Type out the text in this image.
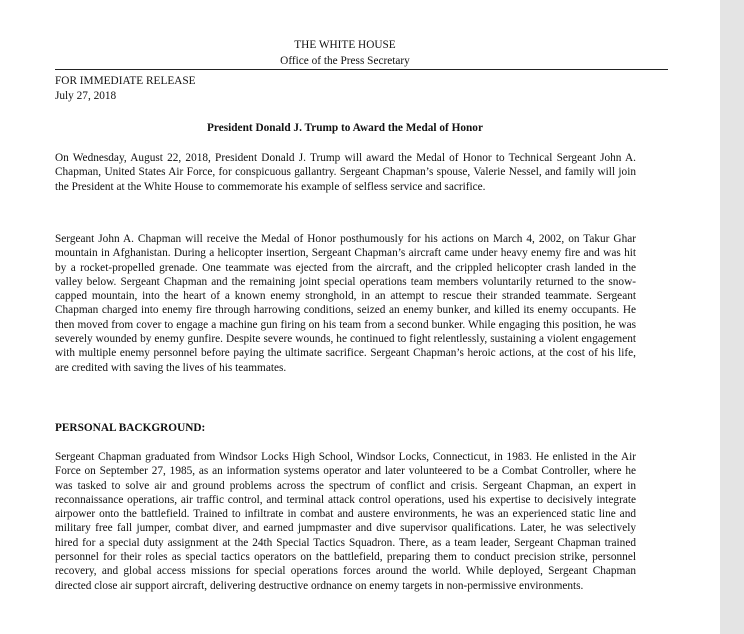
THE WHITE HOUSE
Office of the Press Secretary
FOR IMMEDIATE RELEASE
July 27, 2018
President Donald J. Trump to Award the Medal of Honor
On Wednesday, August 22, 2018, President Donald J. Trump will award the Medal of Honor to Technical Sergeant John A. Chapman, United States Air Force, for conspicuous gallantry. Sergeant Chapman’s spouse, Valerie Nessel, and family will join the President at the White House to commemorate his example of selfless service and sacrifice.
Sergeant John A. Chapman will receive the Medal of Honor posthumously for his actions on March 4, 2002, on Takur Ghar mountain in Afghanistan. During a helicopter insertion, Sergeant Chapman’s aircraft came under heavy enemy fire and was hit by a rocket-propelled grenade. One teammate was ejected from the aircraft, and the crippled helicopter crash landed in the valley below. Sergeant Chapman and the remaining joint special operations team members voluntarily returned to the snow-capped mountain, into the heart of a known enemy stronghold, in an attempt to rescue their stranded teammate. Sergeant Chapman charged into enemy fire through harrowing conditions, seized an enemy bunker, and killed its enemy occupants. He then moved from cover to engage a machine gun firing on his team from a second bunker. While engaging this position, he was severely wounded by enemy gunfire. Despite severe wounds, he continued to fight relentlessly, sustaining a violent engagement with multiple enemy personnel before paying the ultimate sacrifice. Sergeant Chapman’s heroic actions, at the cost of his life, are credited with saving the lives of his teammates.
PERSONAL BACKGROUND:
Sergeant Chapman graduated from Windsor Locks High School, Windsor Locks, Connecticut, in 1983. He enlisted in the Air Force on September 27, 1985, as an information systems operator and later volunteered to be a Combat Controller, where he was tasked to solve air and ground problems across the spectrum of conflict and crisis. Sergeant Chapman, an expert in reconnaissance operations, air traffic control, and terminal attack control operations, used his expertise to decisively integrate airpower onto the battlefield. Trained to infiltrate in combat and austere environments, he was an experienced static line and military free fall jumper, combat diver, and earned jumpmaster and dive supervisor qualifications. Later, he was selectively hired for a special duty assignment at the 24th Special Tactics Squadron. There, as a team leader, Sergeant Chapman trained personnel for their roles as special tactics operators on the battlefield, preparing them to conduct precision strike, personnel recovery, and global access missions for special operations forces around the world. While deployed, Sergeant Chapman directed close air support aircraft, delivering destructive ordnance on enemy targets in non-permissive environments.
